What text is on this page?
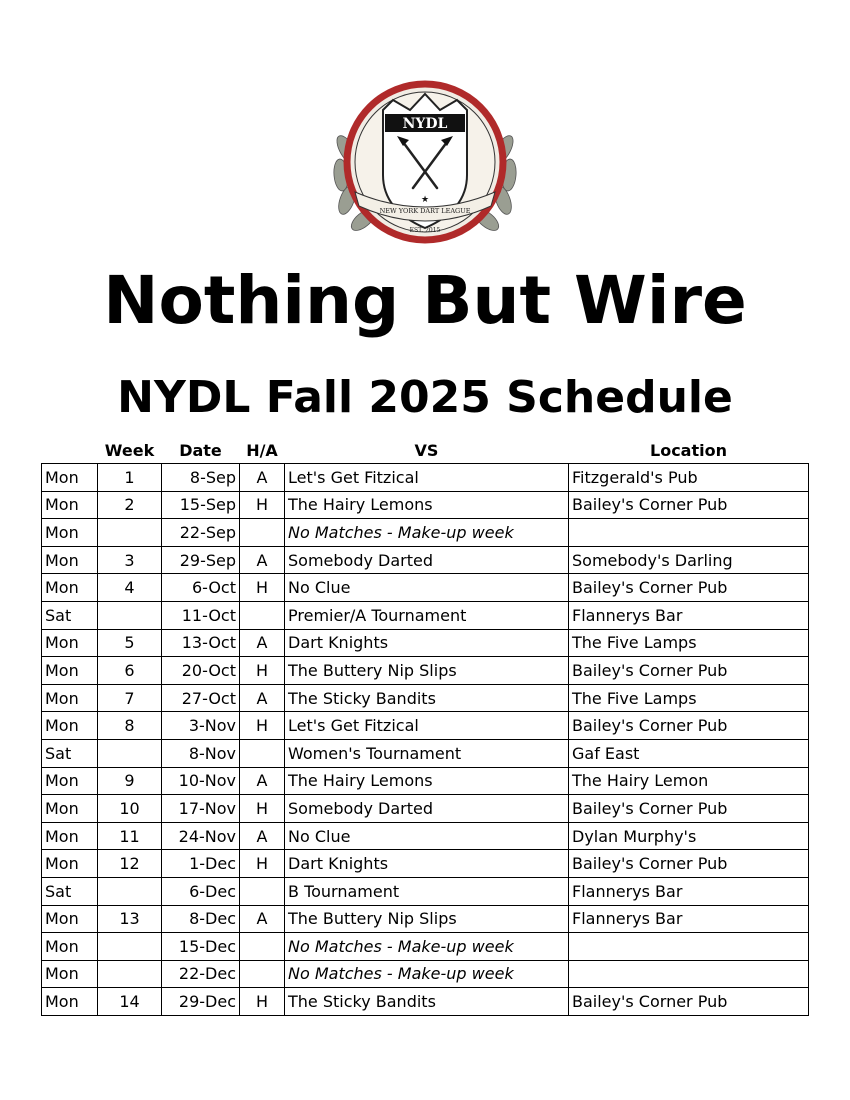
NYDL
NEW YORK DART LEAGUE
★
EST. 2015
Nothing But Wire
NYDL Fall 2025 Schedule
	Week	Date	H/A	VS	Location
Mon	1	8-Sep	A	Let's Get Fitzical	Fitzgerald's Pub
Mon	2	15-Sep	H	The Hairy Lemons	Bailey's Corner Pub
Mon		22-Sep		No Matches - Make-up week	
Mon	3	29-Sep	A	Somebody Darted	Somebody's Darling
Mon	4	6-Oct	H	No Clue	Bailey's Corner Pub
Sat		11-Oct		Premier/A Tournament	Flannerys Bar
Mon	5	13-Oct	A	Dart Knights	The Five Lamps
Mon	6	20-Oct	H	The Buttery Nip Slips	Bailey's Corner Pub
Mon	7	27-Oct	A	The Sticky Bandits	The Five Lamps
Mon	8	3-Nov	H	Let's Get Fitzical	Bailey's Corner Pub
Sat		8-Nov		Women's Tournament	Gaf East
Mon	9	10-Nov	A	The Hairy Lemons	The Hairy Lemon
Mon	10	17-Nov	H	Somebody Darted	Bailey's Corner Pub
Mon	11	24-Nov	A	No Clue	Dylan Murphy's
Mon	12	1-Dec	H	Dart Knights	Bailey's Corner Pub
Sat		6-Dec		B Tournament	Flannerys Bar
Mon	13	8-Dec	A	The Buttery Nip Slips	Flannerys Bar
Mon		15-Dec		No Matches - Make-up week	
Mon		22-Dec		No Matches - Make-up week	
Mon	14	29-Dec	H	The Sticky Bandits	Bailey's Corner Pub
